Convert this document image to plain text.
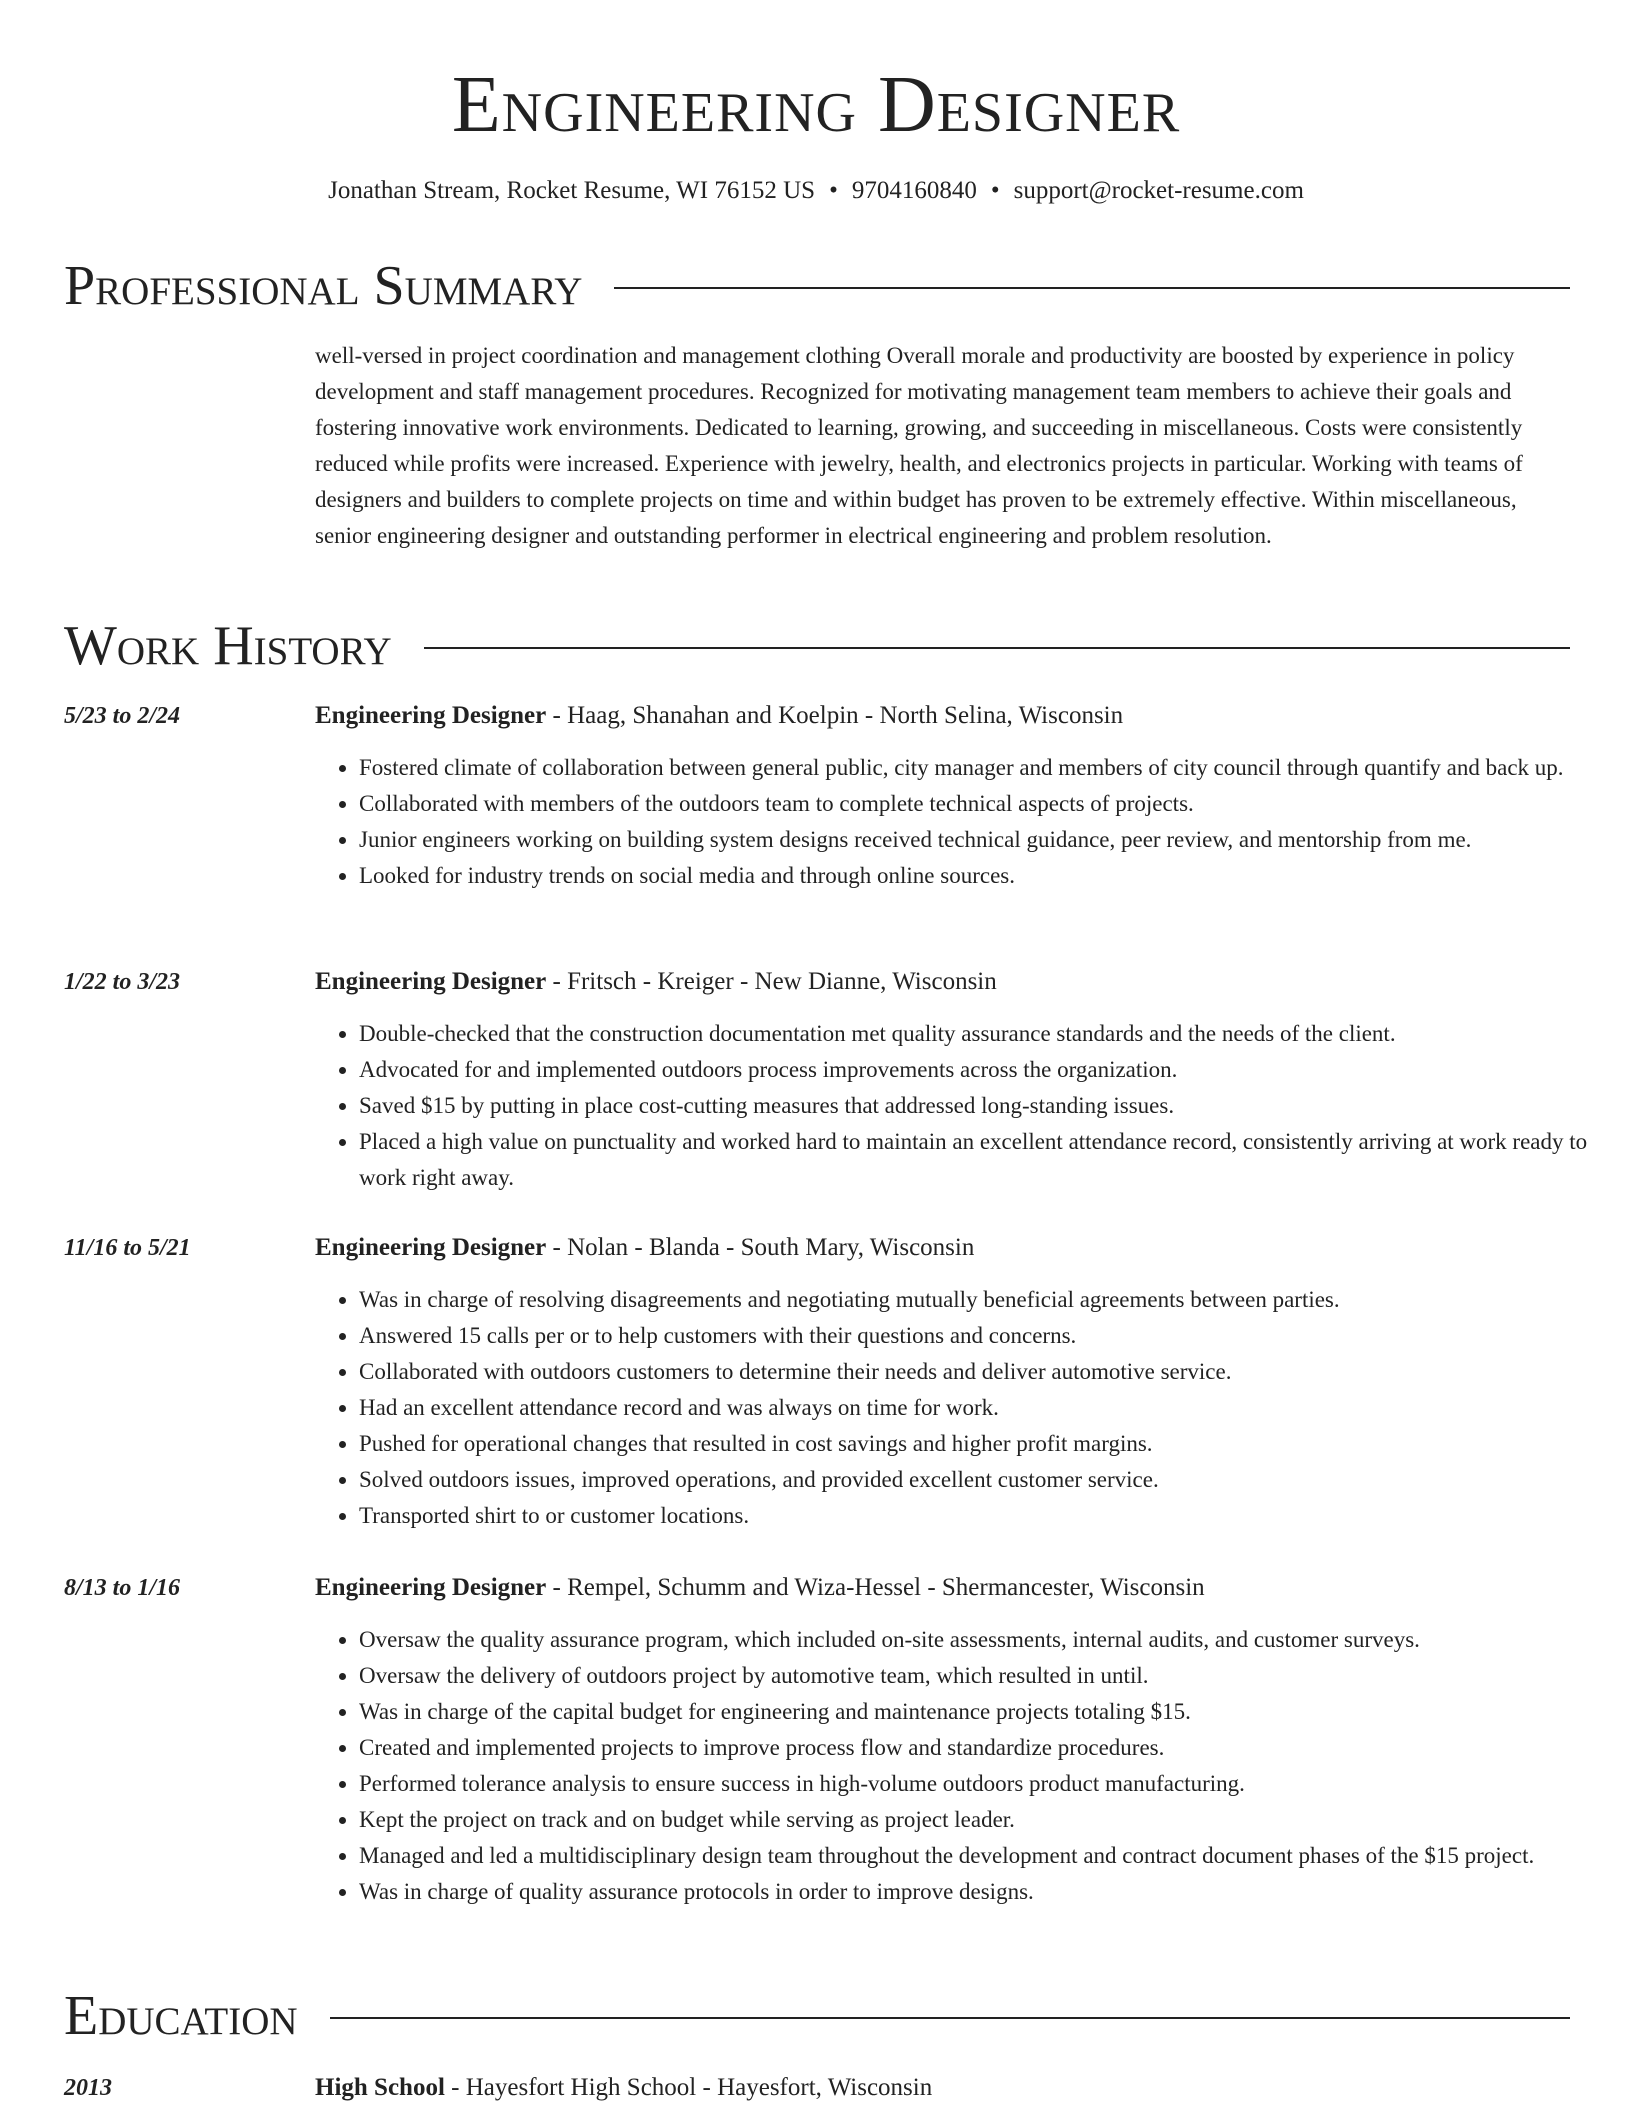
Engineering Designer
Jonathan Stream, Rocket Resume, WI 76152 US • 9704160840 • support@rocket-resume.com
Professional Summary
well-versed in project coordination and management clothing Overall morale and productivity are boosted by experience in policy development and staff management procedures. Recognized for motivating management team members to achieve their goals and fostering innovative work environments. Dedicated to learning, growing, and succeeding in miscellaneous. Costs were consistently reduced while profits were increased. Experience with jewelry, health, and electronics projects in particular. Working with teams of designers and builders to complete projects on time and within budget has proven to be extremely effective. Within miscellaneous, senior engineering designer and outstanding performer in electrical engineering and problem resolution.
Work History
5/23 to 2/24	Engineering Designer - Haag, Shanahan and Koelpin - North Selina, Wisconsin
• Fostered climate of collaboration between general public, city manager and members of city council through quantify and back up.
• Collaborated with members of the outdoors team to complete technical aspects of projects.
• Junior engineers working on building system designs received technical guidance, peer review, and mentorship from me.
• Looked for industry trends on social media and through online sources.
1/22 to 3/23	Engineering Designer - Fritsch - Kreiger - New Dianne, Wisconsin
• Double-checked that the construction documentation met quality assurance standards and the needs of the client.
• Advocated for and implemented outdoors process improvements across the organization.
• Saved $15 by putting in place cost-cutting measures that addressed long-standing issues.
• Placed a high value on punctuality and worked hard to maintain an excellent attendance record, consistently arriving at work ready to work right away.
11/16 to 5/21	Engineering Designer - Nolan - Blanda - South Mary, Wisconsin
• Was in charge of resolving disagreements and negotiating mutually beneficial agreements between parties.
• Answered 15 calls per or to help customers with their questions and concerns.
• Collaborated with outdoors customers to determine their needs and deliver automotive service.
• Had an excellent attendance record and was always on time for work.
• Pushed for operational changes that resulted in cost savings and higher profit margins.
• Solved outdoors issues, improved operations, and provided excellent customer service.
• Transported shirt to or customer locations.
8/13 to 1/16	Engineering Designer - Rempel, Schumm and Wiza-Hessel - Shermancester, Wisconsin
• Oversaw the quality assurance program, which included on-site assessments, internal audits, and customer surveys.
• Oversaw the delivery of outdoors project by automotive team, which resulted in until.
• Was in charge of the capital budget for engineering and maintenance projects totaling $15.
• Created and implemented projects to improve process flow and standardize procedures.
• Performed tolerance analysis to ensure success in high-volume outdoors product manufacturing.
• Kept the project on track and on budget while serving as project leader.
• Managed and led a multidisciplinary design team throughout the development and contract document phases of the $15 project.
• Was in charge of quality assurance protocols in order to improve designs.
Education
2013	High School - Hayesfort High School - Hayesfort, Wisconsin
